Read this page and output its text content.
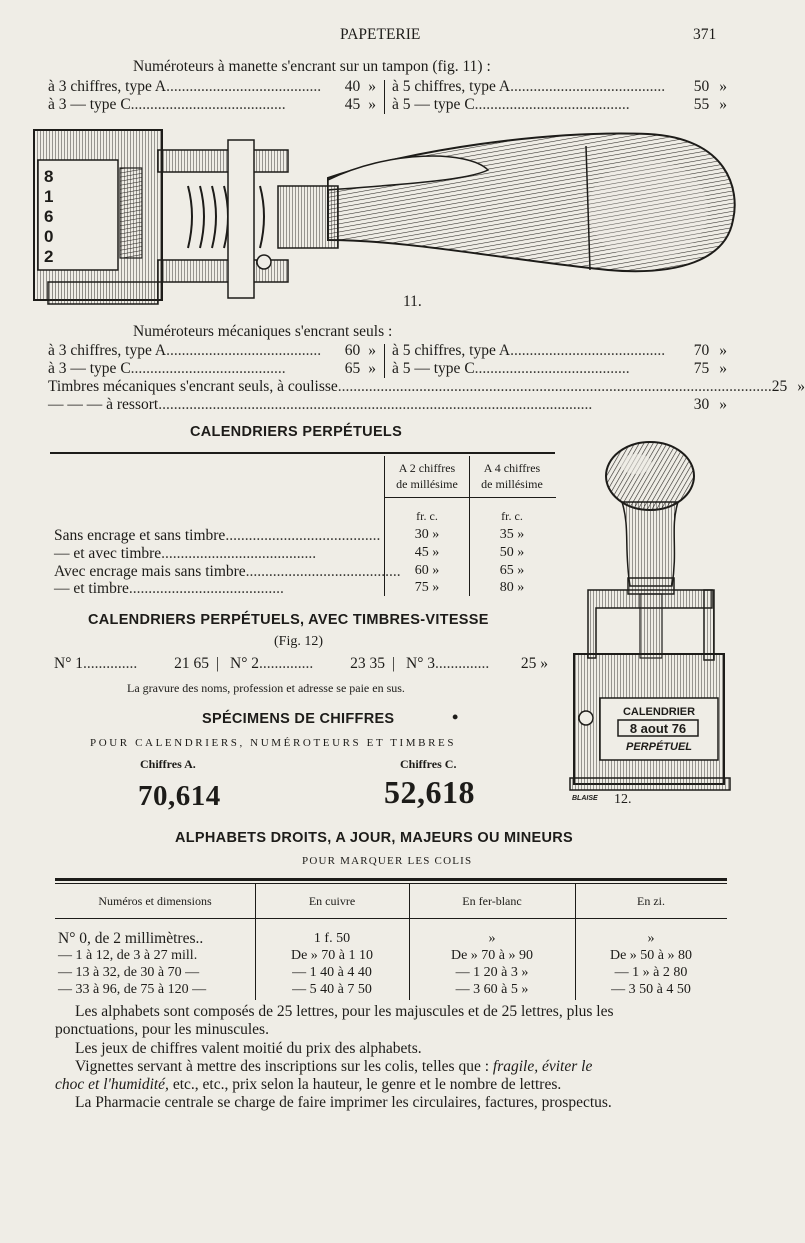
PAPETERIE	371
Numéroteurs à manette s'encrant sur un tampon (fig. 11) :
à 3 chiffres, type A ........................................	40 » à 5 chiffres, type A ........................................	50 »
à 3 — type C ........................................	45 » à 5 — type C ........................................	55 »
2
0
6
1
8
11.
Numéroteurs mécaniques s'encrant seuls :
à 3 chiffres, type A ........................................	60 » à 5 chiffres, type A ........................................	70 »
à 3 — type C ........................................	65 » à 5 — type C ........................................	75 »
Timbres mécaniques s'encrant seuls, à coulisse ................................................................................................................ 25 »
— — — à ressort ................................................................................................................	30 »
CALENDRIERS PERPÉTUELS
A 2 chiffres
de millésime
A 4 chiffres
de millésime
fr. c.	fr. c.
Sans encrage et sans timbre ........................................	30 »	35 »
— et avec timbre ........................................	45 »	50 »
Avec encrage mais sans timbre ........................................	60 »	65 »
— et timbre ........................................	75 »	80 »
CALENDRIERS PERPÉTUELS, AVEC TIMBRES-VITESSE
(Fig. 12)
N° 1 ..............	21 65 | N° 2 ..............	23 35 | N° 3 ..............	25 »
La gravure des noms, profession et adresse se paie en sus.
CALENDRIER
8 aout 76
PERPÉTUEL
BLAISE 12.
SPÉCIMENS DE CHIFFRES	•
POUR CALENDRIERS, NUMÉROTEURS ET TIMBRES
Chiffres A.	Chiffres C.
70,614	52,618
ALPHABETS DROITS, A JOUR, MAJEURS OU MINEURS
POUR MARQUER LES COLIS
Numéros et dimensions	En cuivre	En fer-blanc	En zi.
N° 0, de 2 millimètres..	1 f. 50	»	»
— 1 à 12, de 3 à 27 mill.	De » 70 à 1 10	De » 70 à » 90	De » 50 à » 80
— 13 à 32, de 30 à 70 —	— 1 40 à 4 40	— 1 20 à 3 »	— 1 » à 2 80
— 33 à 96, de 75 à 120 —	— 5 40 à 7 50	— 3 60 à 5 »	— 3 50 à 4 50
Les alphabets sont composés de 25 lettres, pour les majuscules et de 25 lettres, plus les
ponctuations, pour les minuscules.
Les jeux de chiffres valent moitié du prix des alphabets.
Vignettes servant à mettre des inscriptions sur les colis, telles que : fragile, éviter le
choc et l'humidité, etc., etc., prix selon la hauteur, le genre et le nombre de lettres.
La Pharmacie centrale se charge de faire imprimer les circulaires, factures, prospectus.
